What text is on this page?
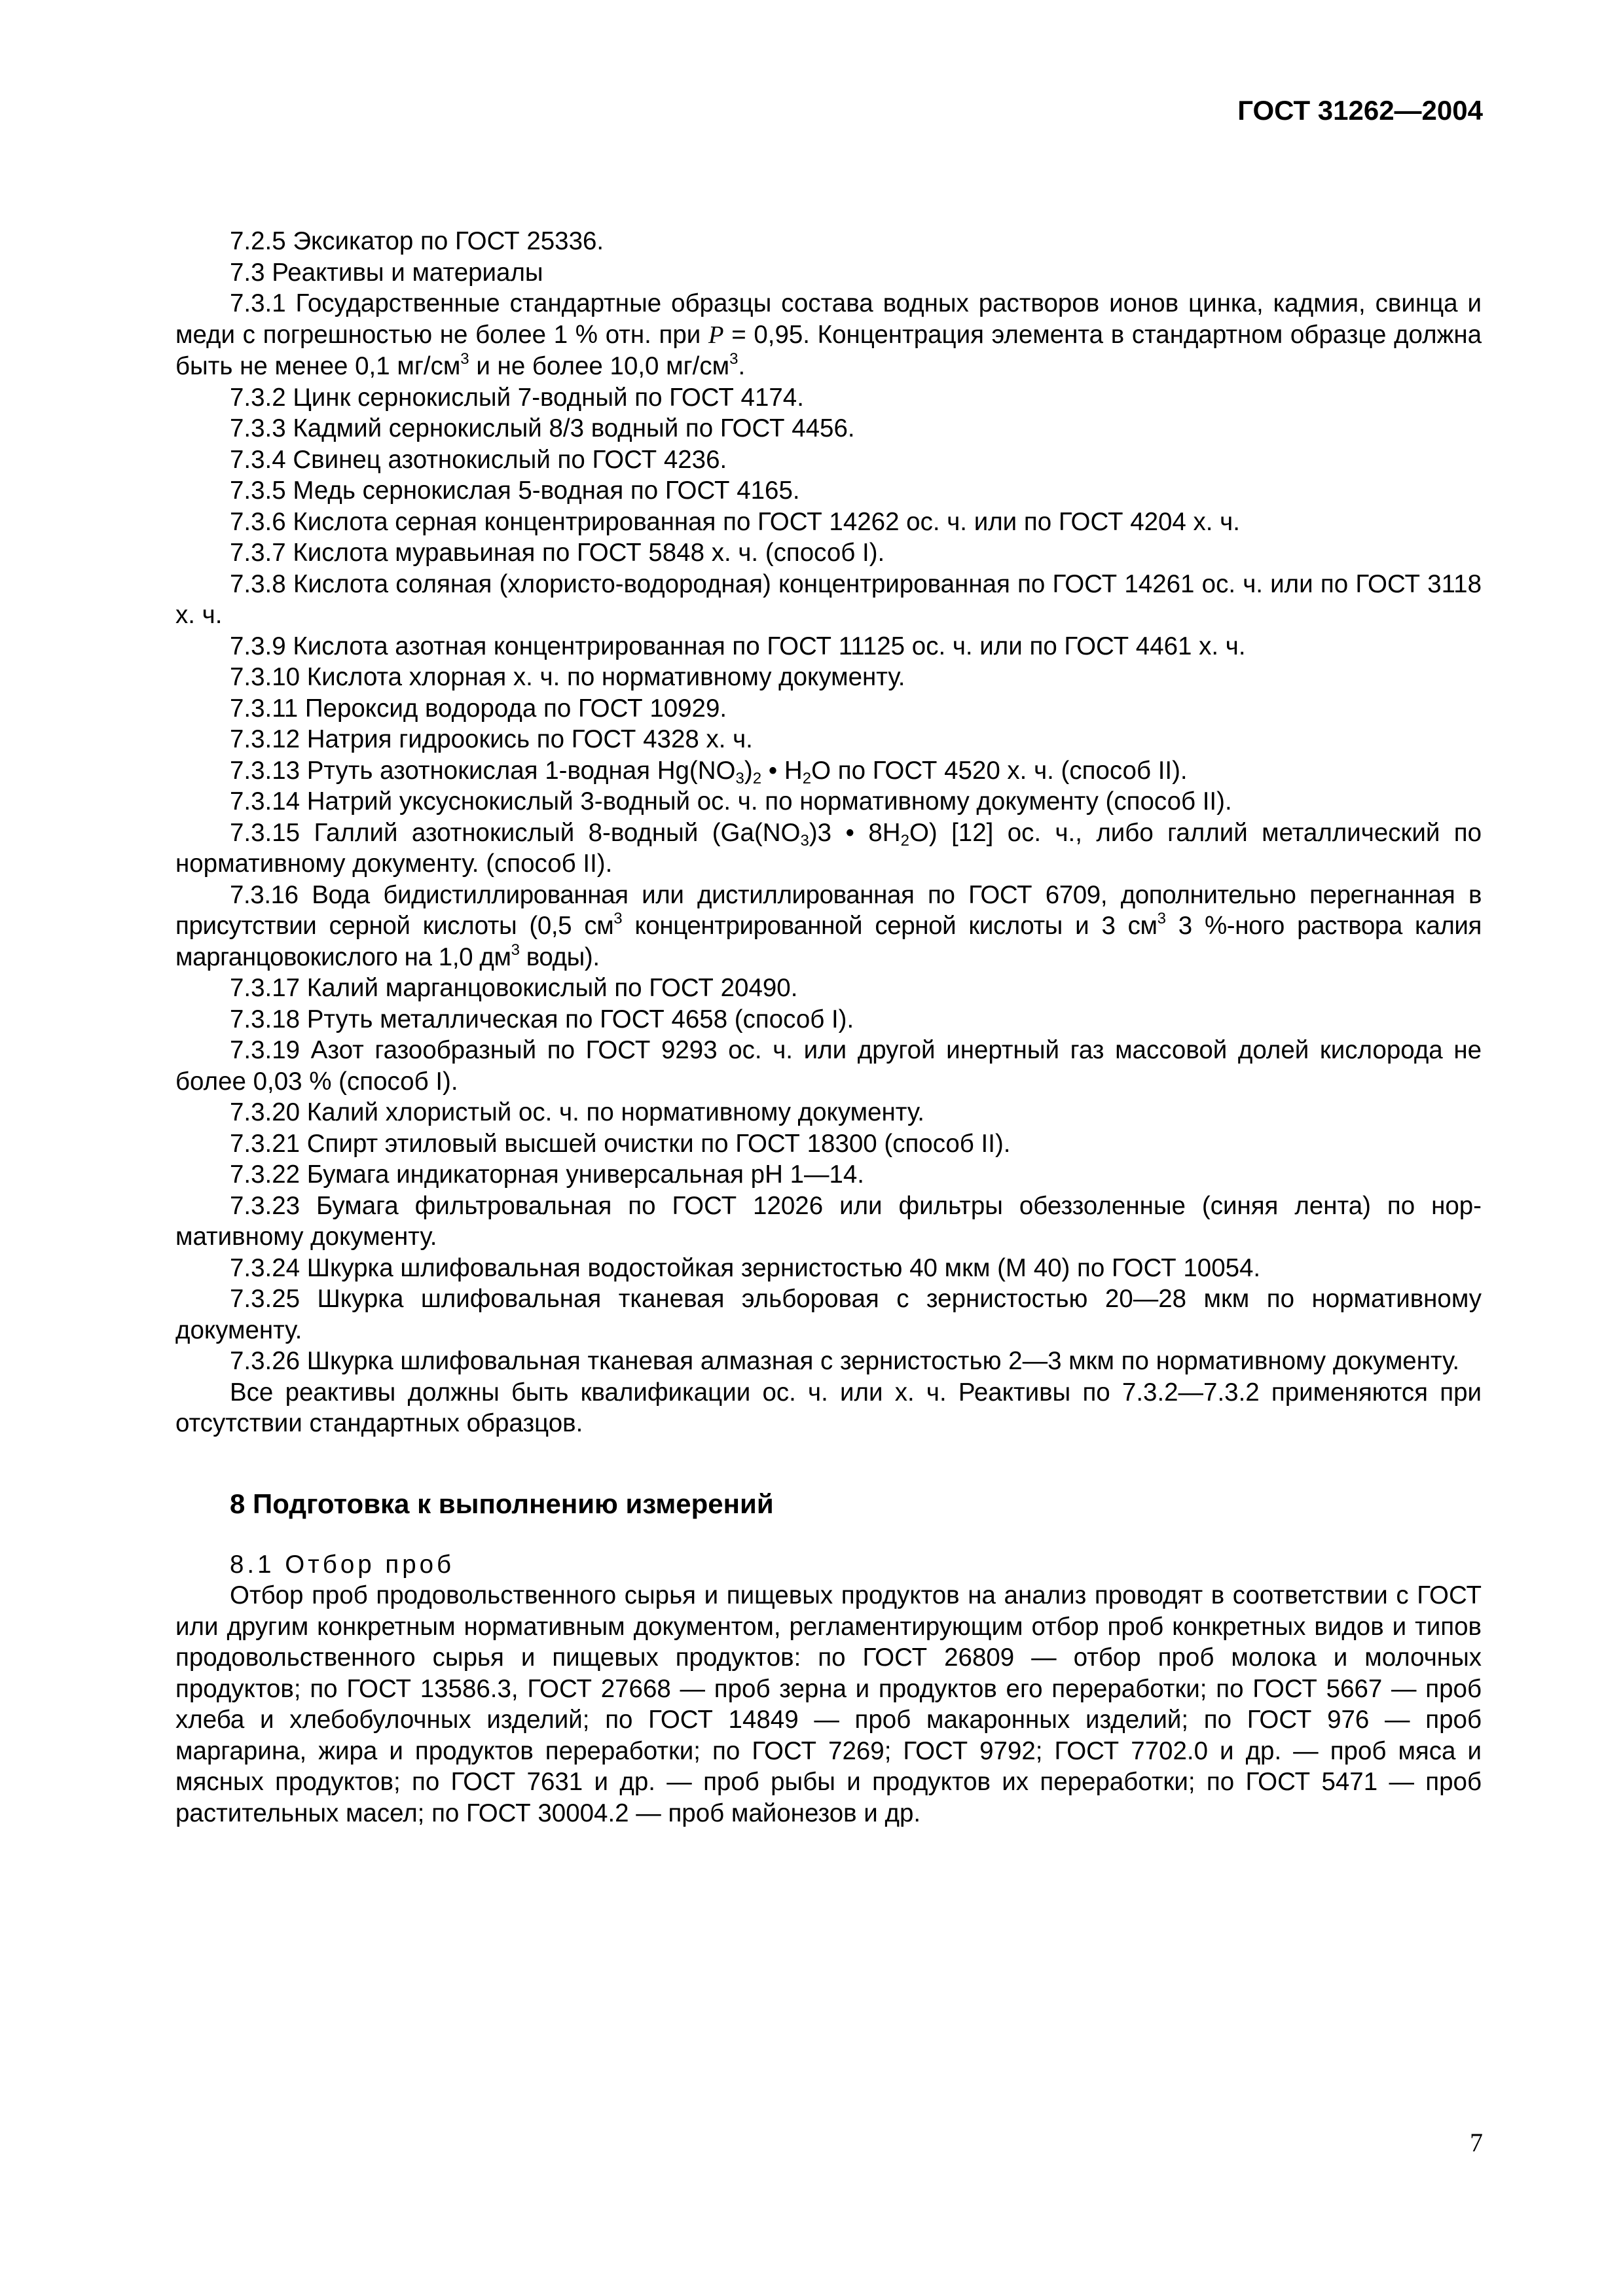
ГОСТ 31262—2004

7.2.5 Эксикатор по ГОСТ 25336.

7.3 Реактивы и материалы

7.3.1 Государственные стандартные образцы состава водных растворов ионов цинка, кадмия, свинца и меди с погрешностью не более 1 % отн. при P = 0,95. Концентрация элемента в стандартном образце должна быть не менее 0,1 $мг/см^3$ и не более 10,0 $мг/см^3$.

7.3.2 Цинк сернокислый 7-водный по ГОСТ 4174.

7.3.3 Кадмий сернокислый 8/3 водный по ГОСТ 4456.

7.3.4 Свинец азотнокислый по ГОСТ 4236.

7.3.5 Медь сернокислая 5-водная по ГОСТ 4165.

7.3.6 Кислота серная концентрированная по ГОСТ 14262 ос. ч. или по ГОСТ 4204 х. ч.

7.3.7 Кислота муравьиная по ГОСТ 5848 х. ч. (способ I).

7.3.8 Кислота соляная (хлористо-водородная) концентрированная по ГОСТ 14261 ос. ч. или по ГОСТ 3118 х. ч.

7.3.9 Кислота азотная концентрированная по ГОСТ 11125 ос. ч. или по ГОСТ 4461 х. ч.

7.3.10 Кислота хлорная х. ч. по нормативному документу.

7.3.11 Пероксид водорода по ГОСТ 10929.

7.3.12 Натрия гидроокись по ГОСТ 4328 х. ч.

7.3.13 Ртуть азотнокислая 1-водная $Hg(NO_3)_2$ • $H_2O$ по ГОСТ 4520 х. ч. (способ II).

7.3.14 Натрий уксуснокислый 3-водный ос. ч. по нормативному документу (способ II).

7.3.15 Галлий азотнокислый 8-водный ($Ga(NO_3)3$ • $8H_2O$) [12] ос. ч., либо галлий металлический по нормативному документу. (способ II).

7.3.16 Вода бидистиллированная или дистиллированная по ГОСТ 6709, дополнительно перегнанная в присутствии серной кислоты (0,5 $см^3$ концентрированной серной кислоты и 3 $см^3$ 3 %-ного раствора калия марганцовокислого на 1,0 $дм^3$ воды).

7.3.17 Калий марганцовокислый по ГОСТ 20490.

7.3.18 Ртуть металлическая по ГОСТ 4658 (способ I).

7.3.19 Азот газообразный по ГОСТ 9293 ос. ч. или другой инертный газ массовой долей кислорода не более 0,03 % (способ I).

7.3.20 Калий хлористый ос. ч. по нормативному документу.

7.3.21 Спирт этиловый высшей очистки по ГОСТ 18300 (способ II).

7.3.22 Бумага индикаторная универсальная pH 1—14.

7.3.23 Бумага фильтровальная по ГОСТ 12026 или фильтры обеззоленные (синяя лента) по нормативному документу.

7.3.24 Шкурка шлифовальная водостойкая зернистостью 40 мкм (М 40) по ГОСТ 10054.

7.3.25 Шкурка шлифовальная тканевая эльборовая с зернистостью 20—28 мкм по нормативному документу.

7.3.26 Шкурка шлифовальная тканевая алмазная с зернистостью 2—3 мкм по нормативному документу.

Все реактивы должны быть квалификации ос. ч. или х. ч. Реактивы по 7.3.2—7.3.2 применяются при отсутствии стандартных образцов.

8 Подготовка к выполнению измерений

8.1 Отбор проб

Отбор проб продовольственного сырья и пищевых продуктов на анализ проводят в соответствии с ГОСТ или другим конкретным нормативным документом, регламентирующим отбор проб конкретных видов и типов продовольственного сырья и пищевых продуктов: по ГОСТ 26809 — отбор проб молока и молочных продуктов; по ГОСТ 13586.3, ГОСТ 27668 — проб зерна и продуктов его переработки; по ГОСТ 5667 — проб хлеба и хлебобулочных изделий; по ГОСТ 14849 — проб макаронных изделий; по ГОСТ 976 — проб маргарина, жира и продуктов переработки; по ГОСТ 7269; ГОСТ 9792; ГОСТ 7702.0 и др. — проб мяса и мясных продуктов; по ГОСТ 7631 и др. — проб рыбы и продуктов их переработки; по ГОСТ 5471 — проб растительных масел; по ГОСТ 30004.2 — проб майонезов и др.

7
